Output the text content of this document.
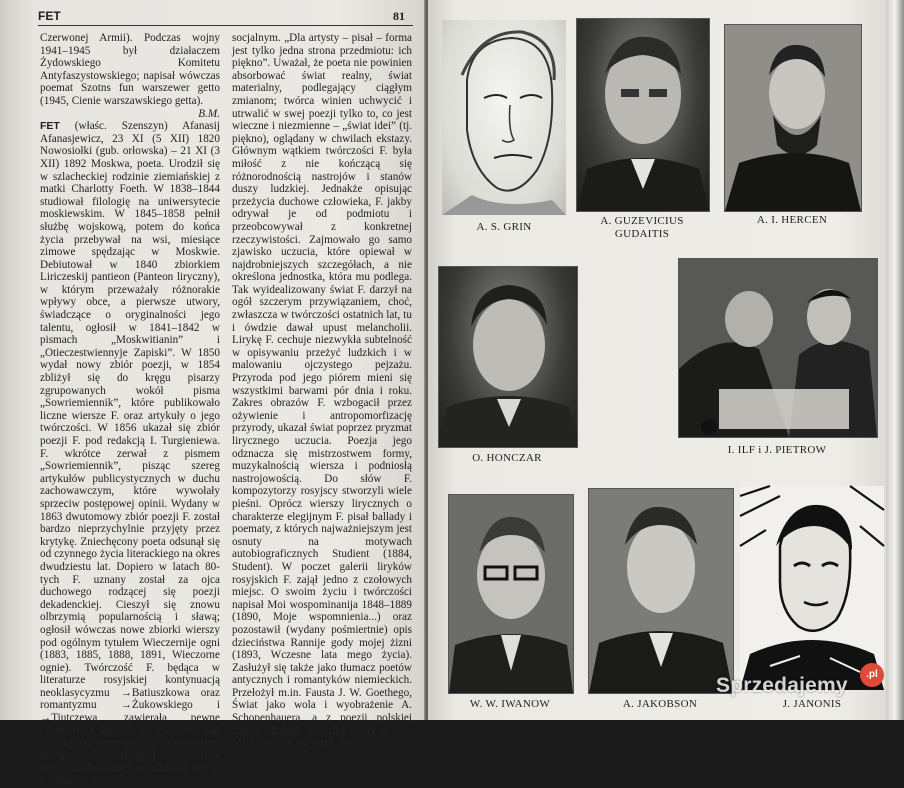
FET	81

Czerwonej Armii). Podczas wojny 1941–1945 był działaczem Żydowskiego Komitetu Antyfaszystowskiego; napisał wówczas poemat Szotns fun warszewer getto (1945, Cienie warszawskiego getta).

B.M.

FET (właśc. Szenszyn) Afanasij Afanasjewicz, 23 XI (5 XII) 1820 Nowosiołki (gub. orłowska) – 21 XI (3 XII) 1892 Moskwa, poeta. Urodził się w szlacheckiej rodzinie ziemiańskiej z matki Charlotty Foeth. W 1838–1844 studiował filologię na uniwersytecie moskiewskim. W 1845–1858 pełnił służbę wojskową, potem do końca życia przebywał na wsi, miesiące zimowe spędzając w Moskwie. Debiutował w 1840 zbiorkiem Liriczeskij pantieon (Panteon liryczny), w którym przeważały różnorakie wpływy obce, a pierwsze utwory, świadczące o oryginalności jego talentu, ogłosił w 1841–1842 w pismach „Moskwitianin” i „Otieczestwiennyje Zapiski”. W 1850 wydał nowy zbiór poezji, w 1854 zbliżył się do kręgu pisarzy zgrupowanych wokół pisma „Sowriemiennik”, które publikowało liczne wiersze F. oraz artykuły o jego twórczości. W 1856 ukazał się zbiór poezji F. pod redakcją I. Turgieniewa. F. wkrótce zerwał z pismem „Sowriemiennik”, pisząc szereg artykułów publicystycznych w duchu zachowawczym, które wywołały sprzeciw postępowej opinii. Wydany w 1863 dwutomowy zbiór poezji F. został bardzo nieprzychylnie przyjęty przez krytykę. Zniechęcony poeta odsunął się od czynnego życia literackiego na okres dwudziestu lat. Dopiero w latach 80-tych F. uznany został za ojca duchowego rodzącej się poezji dekadenckiej. Cieszył się znowu olbrzymią popularnością i sławą; ogłosił wówczas nowe zbiorki wierszy pod ogólnym tytułem Wieczernije ogni (1883, 1885, 1888, 1891, Wieczorne ognie). Twórczość F. będąca w literaturze rosyjskiej kontynuacją neoklasycyzmu →Batiuszkowa oraz romantyzmu →Żukowskiego i →Tiutczewa, zawierała pewne elementy, z których później rozwinął się rosyjski impresjonizm i symbolizm. Poeta o skrajnej postawie indywidualistycznej, nie uznawał poezji o zabarwieniu

socjalnym. „Dla artysty – pisał – forma jest tylko jedna strona przedmiotu: ich piękno”. Uważał, że poeta nie powinien absorbować świat realny, świat materialny, podlegający ciągłym zmianom; twórca winien uchwycić i utrwalić w swej poezji tylko to, co jest wieczne i niezmienne – „świat idei” (tj. piękno), oglądany w chwilach ekstazy. Głównym wątkiem twórczości F. była miłość z nie kończącą się różnorodnością nastrojów i stanów duszy ludzkiej. Jednakże opisując przeżycia duchowe człowieka, F. jakby odrywał je od podmiotu i przeobcowywał z konkretnej rzeczywistości. Zajmowało go samo zjawisko uczucia, które opiewał w najdrobniejszych szczegółach, a nie określona jednostka, która mu podlega. Tak wyidealizowany świat F. darzył na ogół szczerym przywiązaniem, choć, zwłaszcza w twórczości ostatnich lat, tu i ówdzie dawał upust melancholii. Lirykę F. cechuje niezwykła subtelność w opisywaniu przeżyć ludzkich i w malowaniu ojczystego pejzażu. Przyroda pod jego piórem mieni się wszystkimi barwami pór dnia i roku. Zakres obrazów F. wzbogacił przez ożywienie i antropomorfizację przyrody, ukazał świat poprzez pryzmat lirycznego uczucia. Poezja jego odznacza się mistrzostwem formy, muzykalnością wiersza i podniosłą nastrojowością. Do słów F. kompozytorzy rosyjscy stworzyli wiele pieśni. Oprócz wierszy lirycznych o charakterze elegijnym F. pisał ballady i poematy, z których najważniejszym jest osnuty na motywach autobiograficznych Studient (1884, Student). W poczet galerii liryków rosyjskich F. zajął jedno z czołowych miejsc. O swoim życiu i twórczości napisał Moi wospominanija 1848–1889 (1890, Moje wspomnienia...) oraz pozostawił (wydany pośmiertnie) opis dzieciństwa Rannije gody mojej żizni (1893, Wczesne lata mego życia). Zasłużył się także jako tłumacz poetów antycznych i romantyków niemieckich. Przełożył m.in. Fausta J. W. Goethego, Świat jako wola i wyobrażenie A. Schopenhauera, a z poezji polskiej szereg ballad i kilka wierszy A. Mickiewicza. Na język pol-

A. S. GRIN	A. GUZEVICIUS
GUDAITIS
A. I. HERCEN
O. HONCZAR
I. ILF i J. PIETROW
W. W. IWANOW	A. JAKOBSON	J. JANONIS
Sprzedajemy	.pl
